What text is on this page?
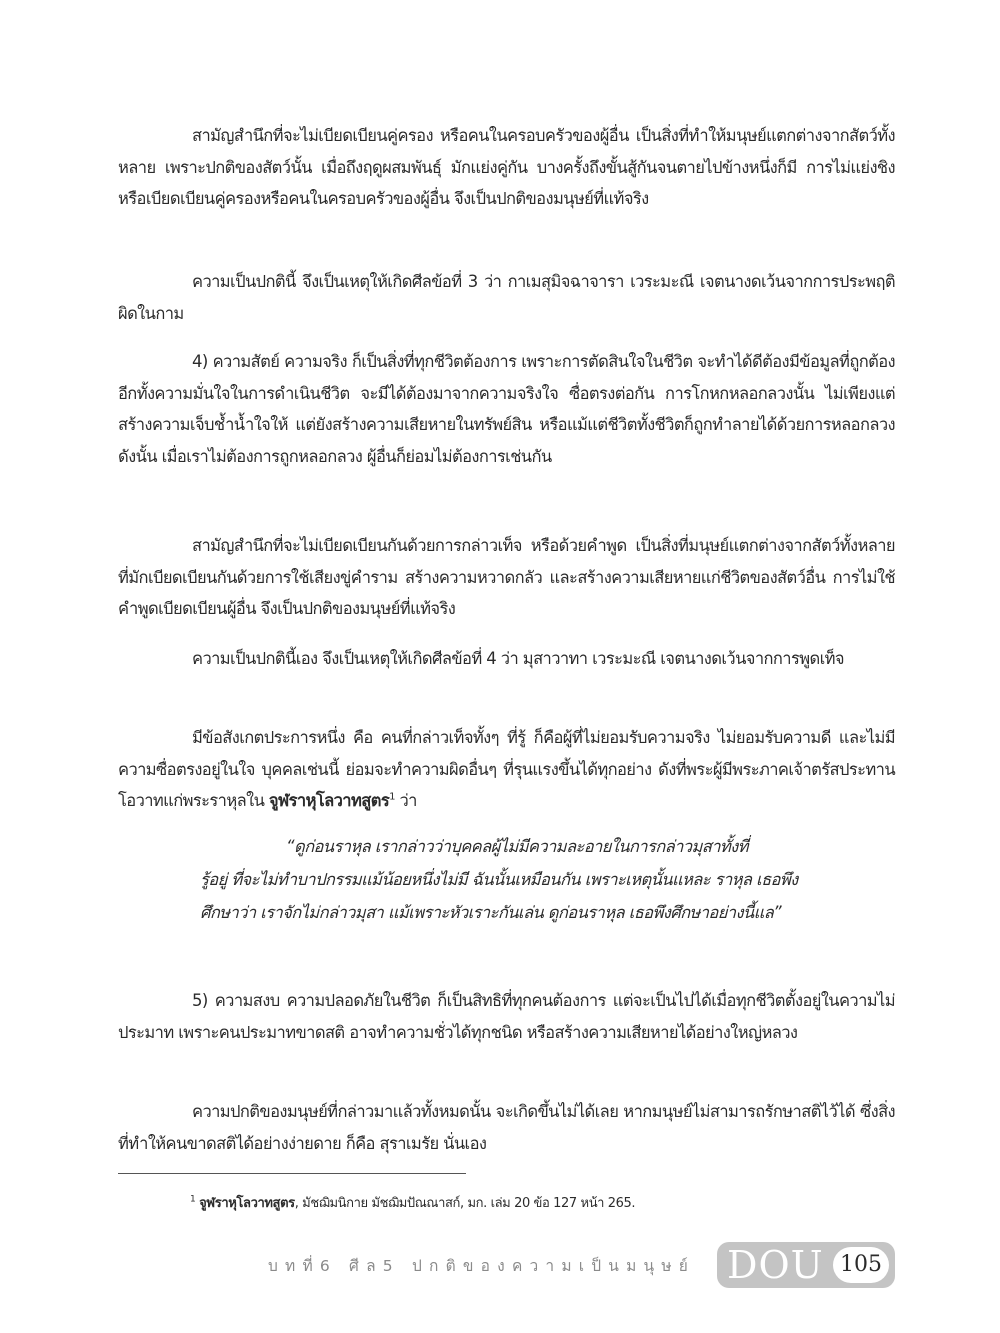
สามัญสำนึกที่จะไม่เบียดเบียนคู่ครอง หรือคนในครอบครัวของผู้อื่น เป็นสิ่งที่ทำให้มนุษย์แตกต่างจากสัตว์ทั้งหลาย เพราะปกติของสัตว์นั้น เมื่อถึงฤดูผสมพันธุ์ มักแย่งคู่กัน บางครั้งถึงขั้นสู้กันจนตายไปข้างหนึ่งก็มี การไม่แย่งชิงหรือเบียดเบียนคู่ครองหรือคนในครอบครัวของผู้อื่น จึงเป็นปกติของมนุษย์ที่แท้จริง

ความเป็นปกตินี้ จึงเป็นเหตุให้เกิดศีลข้อที่ 3 ว่า กาเมสุมิจฉาจารา เวระมะณี เจตนางดเว้นจากการประพฤติผิดในกาม

4) ความสัตย์ ความจริง ก็เป็นสิ่งที่ทุกชีวิตต้องการ เพราะการตัดสินใจในชีวิต จะทำได้ดีต้องมีข้อมูลที่ถูกต้อง อีกทั้งความมั่นใจในการดำเนินชีวิต จะมีได้ต้องมาจากความจริงใจ ซื่อตรงต่อกัน การโกหกหลอกลวงนั้น ไม่เพียงแต่สร้างความเจ็บช้ำน้ำใจให้ แต่ยังสร้างความเสียหายในทรัพย์สิน หรือแม้แต่ชีวิตทั้งชีวิตก็ถูกทำลายได้ด้วยการหลอกลวง ดังนั้น เมื่อเราไม่ต้องการถูกหลอกลวง ผู้อื่นก็ย่อมไม่ต้องการเช่นกัน

สามัญสำนึกที่จะไม่เบียดเบียนกันด้วยการกล่าวเท็จ หรือด้วยคำพูด เป็นสิ่งที่มนุษย์แตกต่างจากสัตว์ทั้งหลาย ที่มักเบียดเบียนกันด้วยการใช้เสียงขู่คำราม สร้างความหวาดกลัว และสร้างความเสียหายแก่ชีวิตของสัตว์อื่น การไม่ใช้คำพูดเบียดเบียนผู้อื่น จึงเป็นปกติของมนุษย์ที่แท้จริง

ความเป็นปกตินี้เอง จึงเป็นเหตุให้เกิดศีลข้อที่ 4 ว่า มุสาวาทา เวระมะณี เจตนางดเว้นจากการพูดเท็จ

มีข้อสังเกตประการหนึ่ง คือ คนที่กล่าวเท็จทั้งๆ ที่รู้ ก็คือผู้ที่ไม่ยอมรับความจริง ไม่ยอมรับความดี และไม่มีความซื่อตรงอยู่ในใจ บุคคลเช่นนี้ ย่อมจะทำความผิดอื่นๆ ที่รุนแรงขึ้นได้ทุกอย่าง ดังที่พระผู้มีพระภาคเจ้าตรัสประทานโอวาทแก่พระราหุลใน จูฬราหุโลวาทสูตร$^1$ ว่า

“ดูก่อนราหุล เรากล่าวว่าบุคคลผู้ไม่มีความละอายในการกล่าวมุสาทั้งที่
รู้อยู่ ที่จะไม่ทำบาปกรรมแม้น้อยหนึ่งไม่มี ฉันนั้นเหมือนกัน เพราะเหตุนั้นแหละ ราหุล เธอพึงศึกษาว่า เราจักไม่กล่าวมุสา แม้เพราะหัวเราะกันเล่น ดูก่อนราหุล เธอพึงศึกษาอย่างนี้แล”

5) ความสงบ ความปลอดภัยในชีวิต ก็เป็นสิทธิที่ทุกคนต้องการ แต่จะเป็นไปได้เมื่อทุกชีวิตตั้งอยู่ในความไม่ประมาท เพราะคนประมาทขาดสติ อาจทำความชั่วได้ทุกชนิด หรือสร้างความเสียหายได้อย่างใหญ่หลวง

ความปกติของมนุษย์ที่กล่าวมาแล้วทั้งหมดนั้น จะเกิดขึ้นไม่ได้เลย หากมนุษย์ไม่สามารถรักษาสติไว้ได้ ซึ่งสิ่งที่ทำให้คนขาดสติได้อย่างง่ายดาย ก็คือ สุราเมรัย นั่นเอง

$^1$ จูฬราหุโลวาทสูตร, มัชฌิมนิกาย มัชฌิมปัณณาสก์, มก. เล่ม 20 ข้อ 127 หน้า 265.
บทที่6 ศีล5 ปกติของความเป็นมนุษย์ DOU 105
